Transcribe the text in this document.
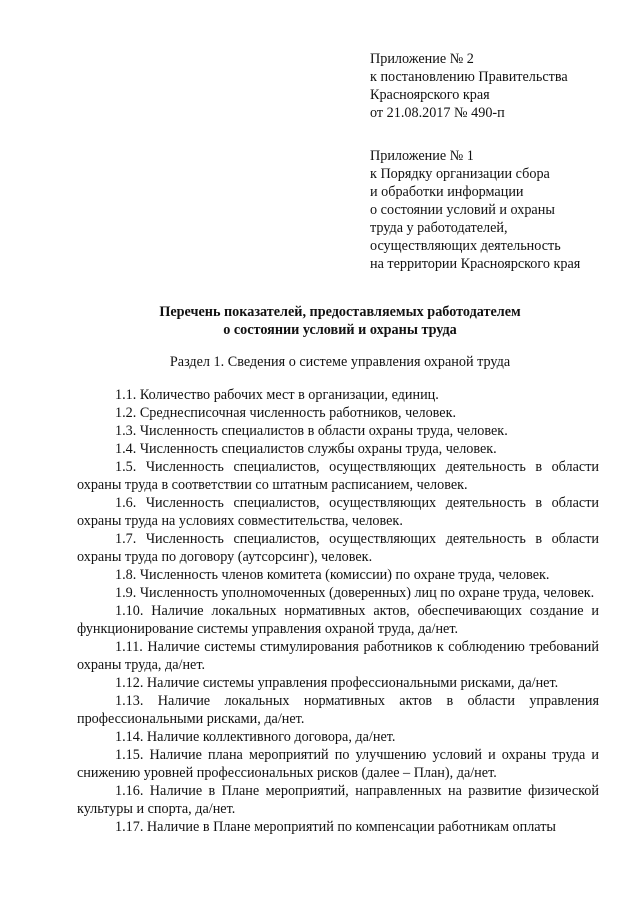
Приложение № 2
к постановлению Правительства
Красноярского края
от 21.08.2017 № 490-п
Приложение № 1
к Порядку организации сбора
и обработки информации
о состоянии условий и охраны
труда у работодателей,
осуществляющих деятельность
на территории Красноярского края
Перечень показателей, предоставляемых работодателем
о состоянии условий и охраны труда
Раздел 1. Сведения о системе управления охраной труда

1.1. Количество рабочих мест в организации, единиц.

1.2. Среднесписочная численность работников, человек.

1.3. Численность специалистов в области охраны труда, человек.

1.4. Численность специалистов службы охраны труда, человек.

1.5. Численность специалистов, осуществляющих деятельность в области охраны труда в соответствии со штатным расписанием, человек.

1.6. Численность специалистов, осуществляющих деятельность в области охраны труда на условиях совместительства, человек.

1.7. Численность специалистов, осуществляющих деятельность в области охраны труда по договору (аутсорсинг), человек.

1.8. Численность членов комитета (комиссии) по охране труда, человек.

1.9. Численность уполномоченных (доверенных) лиц по охране труда, человек.

1.10. Наличие локальных нормативных актов, обеспечивающих создание и функционирование системы управления охраной труда, да/нет.

1.11. Наличие системы стимулирования работников к соблюдению требований охраны труда, да/нет.

1.12. Наличие системы управления профессиональными рисками, да/нет.

1.13. Наличие локальных нормативных актов в области управления профессиональными рисками, да/нет.

1.14. Наличие коллективного договора, да/нет.

1.15. Наличие плана мероприятий по улучшению условий и охраны труда и снижению уровней профессиональных рисков (далее – План), да/нет.

1.16. Наличие в Плане мероприятий, направленных на развитие физической культуры и спорта, да/нет.

1.17. Наличие в Плане мероприятий по компенсации работникам оплаты
